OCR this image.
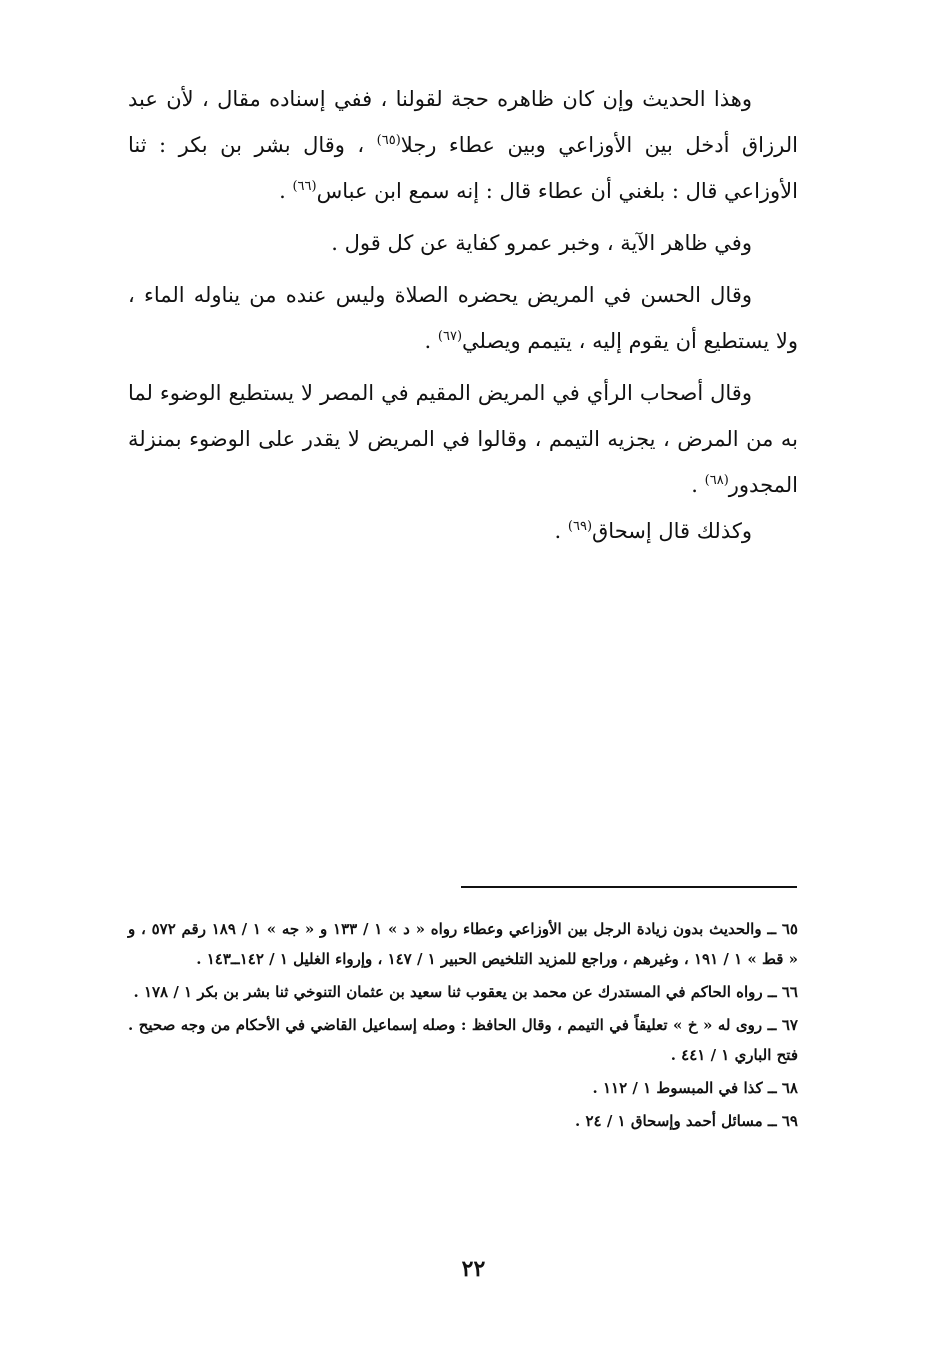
وهذا الحديث وإن كان ظاهره حجة لقولنا ، ففي إسناده مقال ، لأن عبد الرزاق أدخل بين الأوزاعي وبين عطاء رجلا$^{(٦٥)}$ ، وقال بشر بن بكر : ثنا الأوزاعي قال : بلغني أن عطاء قال : إنه سمع ابن عباس$^{(٦٦)}$ .

وفي ظاهر الآية ، وخبر عمرو كفاية عن كل قول .

وقال الحسن في المريض يحضره الصلاة وليس عنده من يناوله الماء ، ولا يستطيع أن يقوم إليه ، يتيمم ويصلي$^{(٦٧)}$ .

وقال أصحاب الرأي في المريض المقيم في المصر لا يستطيع الوضوء لما به من المرض ، يجزيه التيمم ، وقالوا في المريض لا يقدر على الوضوء بمنزلة المجدور$^{(٦٨)}$ .

وكذلك قال إسحاق$^{(٦٩)}$ .

٦٥ ــ والحديث بدون زيادة الرجل بين الأوزاعي وعطاء رواه « د » ١ / ١٣٣ و « جه » ١ / ١٨٩ رقم ٥٧٢ ، و « قط » ١ / ١٩١ ، وغيرهم ، وراجع للمزيد التلخيص الحبير ١ / ١٤٧ ، وإرواء الغليل ١ / ١٤٢ــ١٤٣ .

٦٦ ــ رواه الحاكم في المستدرك عن محمد بن يعقوب ثنا سعيد بن عثمان التنوخي ثنا بشر بن بكر ١ / ١٧٨ .

٦٧ ــ روى له « خ » تعليقاً في التيمم ، وقال الحافظ : وصله إسماعيل القاضي في الأحكام من وجه صحيح . فتح الباري ١ / ٤٤١ .

٦٨ ــ كذا في المبسوط ١ / ١١٢ .

٦٩ ــ مسائل أحمد وإسحاق ١ / ٢٤ .

٢٢
